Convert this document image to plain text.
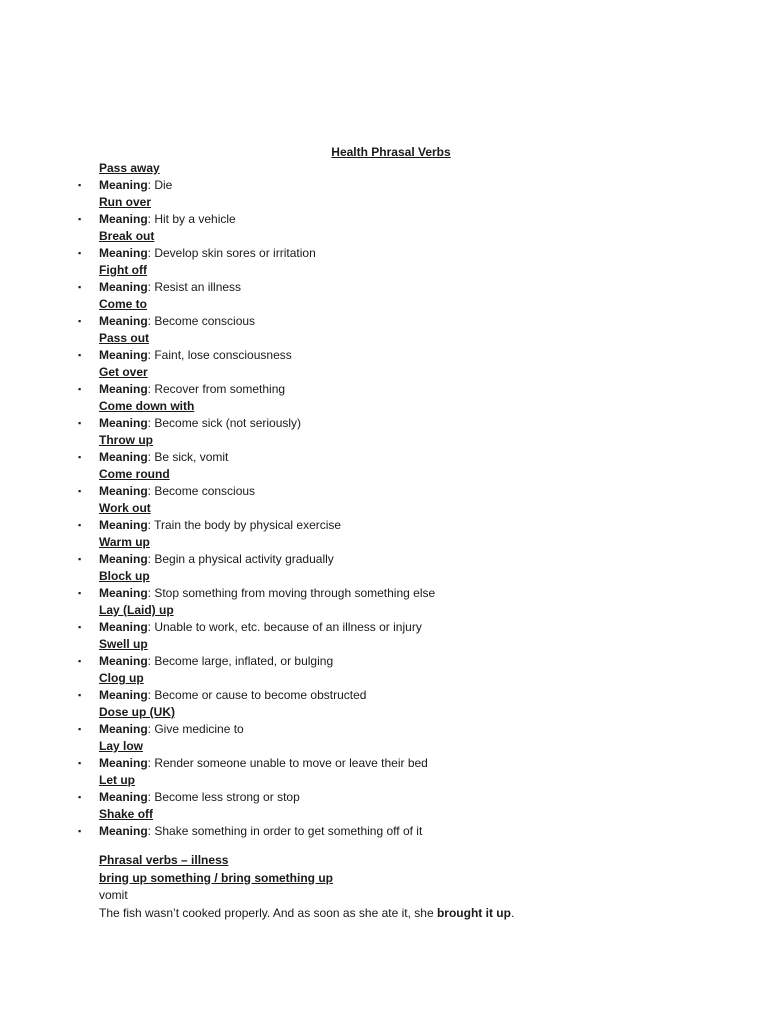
Health Phrasal Verbs
Pass away
▪ Meaning: Die
Run over
▪ Meaning: Hit by a vehicle
Break out
▪ Meaning: Develop skin sores or irritation
Fight off
▪ Meaning: Resist an illness
Come to
▪ Meaning: Become conscious
Pass out
▪ Meaning: Faint, lose consciousness
Get over
▪ Meaning: Recover from something
Come down with
▪ Meaning: Become sick (not seriously)
Throw up
▪ Meaning: Be sick, vomit
Come round
▪ Meaning: Become conscious
Work out
▪ Meaning: Train the body by physical exercise
Warm up
▪ Meaning: Begin a physical activity gradually
Block up
▪ Meaning: Stop something from moving through something else
Lay (Laid) up
▪ Meaning: Unable to work, etc. because of an illness or injury
Swell up
▪ Meaning: Become large, inflated, or bulging
Clog up
▪ Meaning: Become or cause to become obstructed
Dose up (UK)
▪ Meaning: Give medicine to
Lay low
▪ Meaning: Render someone unable to move or leave their bed
Let up
▪ Meaning: Become less strong or stop
Shake off
▪ Meaning: Shake something in order to get something off of it
Phrasal verbs – illness
bring up something / bring something up
vomit
The fish wasn’t cooked properly. And as soon as she ate it, she brought it up.
